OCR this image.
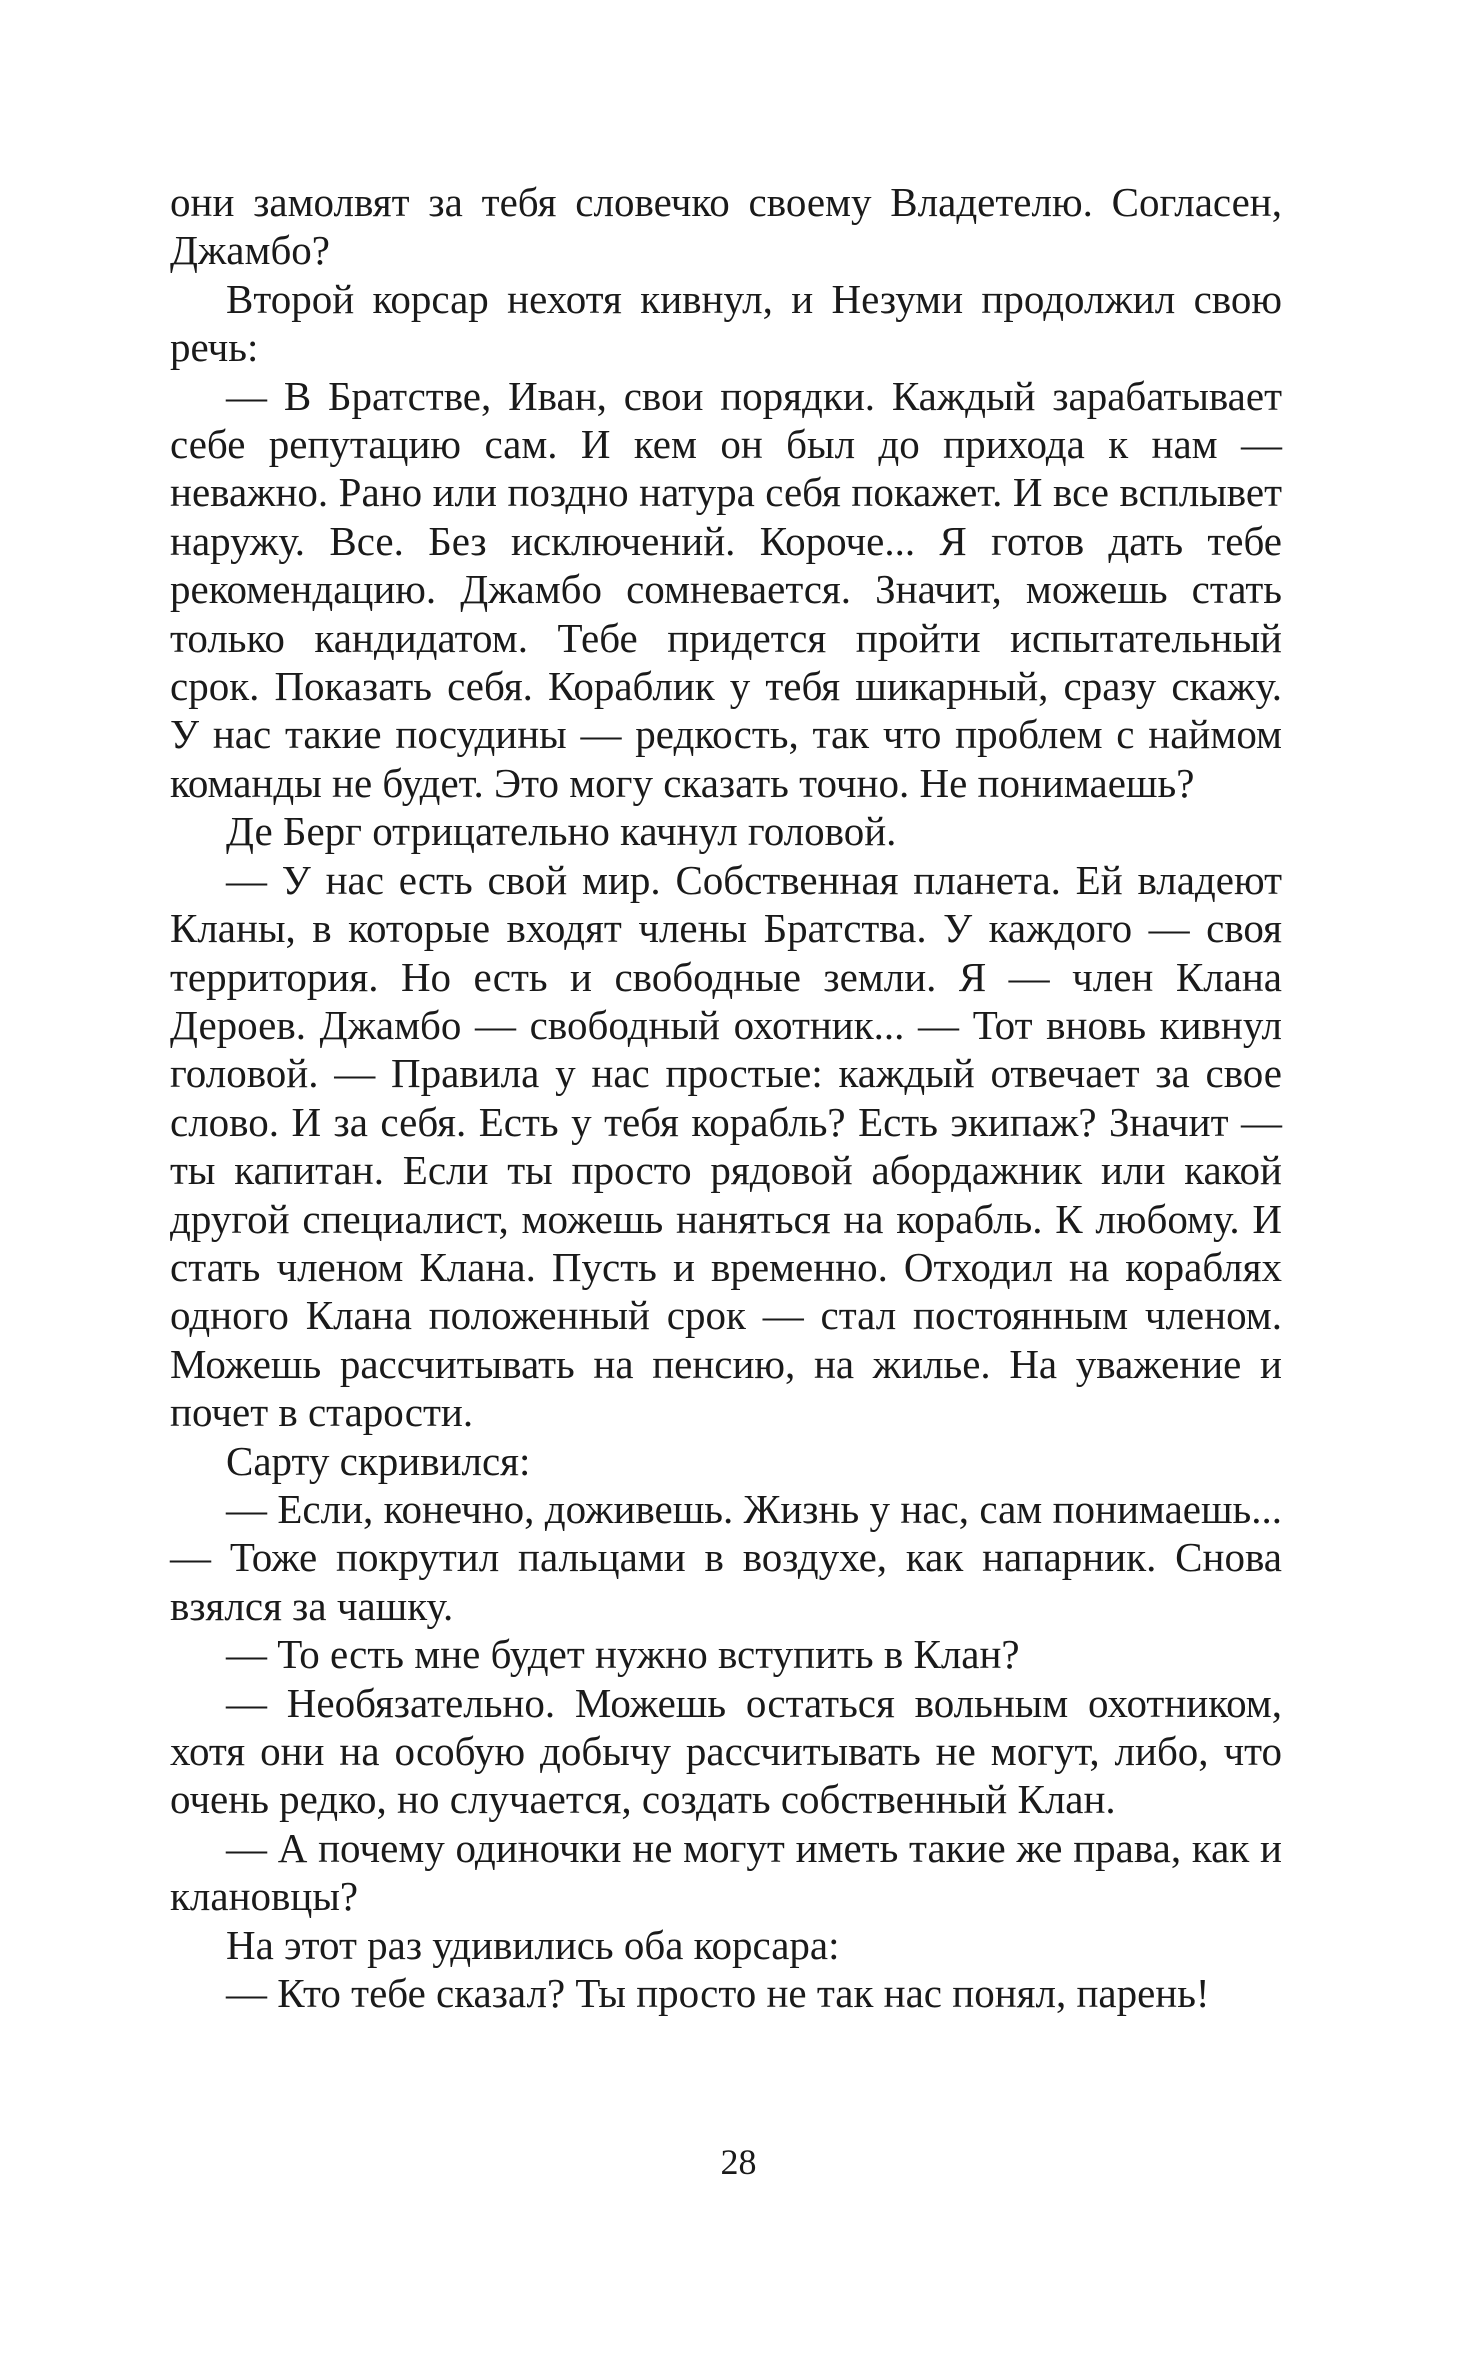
они замолвят за тебя словечко своему Владетелю. Согласен, Джамбо?

Второй корсар нехотя кивнул, и Незуми продолжил свою речь:

— В Братстве, Иван, свои порядки. Каждый зарабатывает себе репутацию сам. И кем он был до прихода к нам — неважно. Рано или поздно натура себя покажет. И все всплывет наружу. Все. Без исключений. Короче... Я готов дать тебе рекомендацию. Джамбо сомневается. Значит, можешь стать только кандидатом. Тебе придется пройти испытательный срок. Показать себя. Кораблик у тебя шикарный, сразу скажу. У нас такие посудины — редкость, так что проблем с наймом команды не будет. Это могу сказать точно. Не понимаешь?

Де Берг отрицательно качнул головой.

— У нас есть свой мир. Собственная планета. Ей владеют Кланы, в которые входят члены Братства. У каждого — своя территория. Но есть и свободные земли. Я — член Клана Дероев. Джамбо — свободный охотник... — Тот вновь кивнул головой. — Правила у нас простые: каждый отвечает за свое слово. И за себя. Есть у тебя корабль? Есть экипаж? Значит — ты капитан. Если ты просто рядовой абордажник или какой другой специалист, можешь наняться на корабль. К любому. И стать членом Клана. Пусть и временно. Отходил на кораблях одного Клана положенный срок — стал постоянным членом. Можешь рассчитывать на пенсию, на жилье. На уважение и почет в старости.

Сарту скривился:

— Если, конечно, доживешь. Жизнь у нас, сам понимаешь... — Тоже покрутил пальцами в воздухе, как напарник. Снова взялся за чашку.

— То есть мне будет нужно вступить в Клан?

— Необязательно. Можешь остаться вольным охотником, хотя они на особую добычу рассчитывать не могут, либо, что очень редко, но случается, создать собственный Клан.

— А почему одиночки не могут иметь такие же права, как и клановцы?

На этот раз удивились оба корсара:

— Кто тебе сказал? Ты просто не так нас понял, парень!

28
